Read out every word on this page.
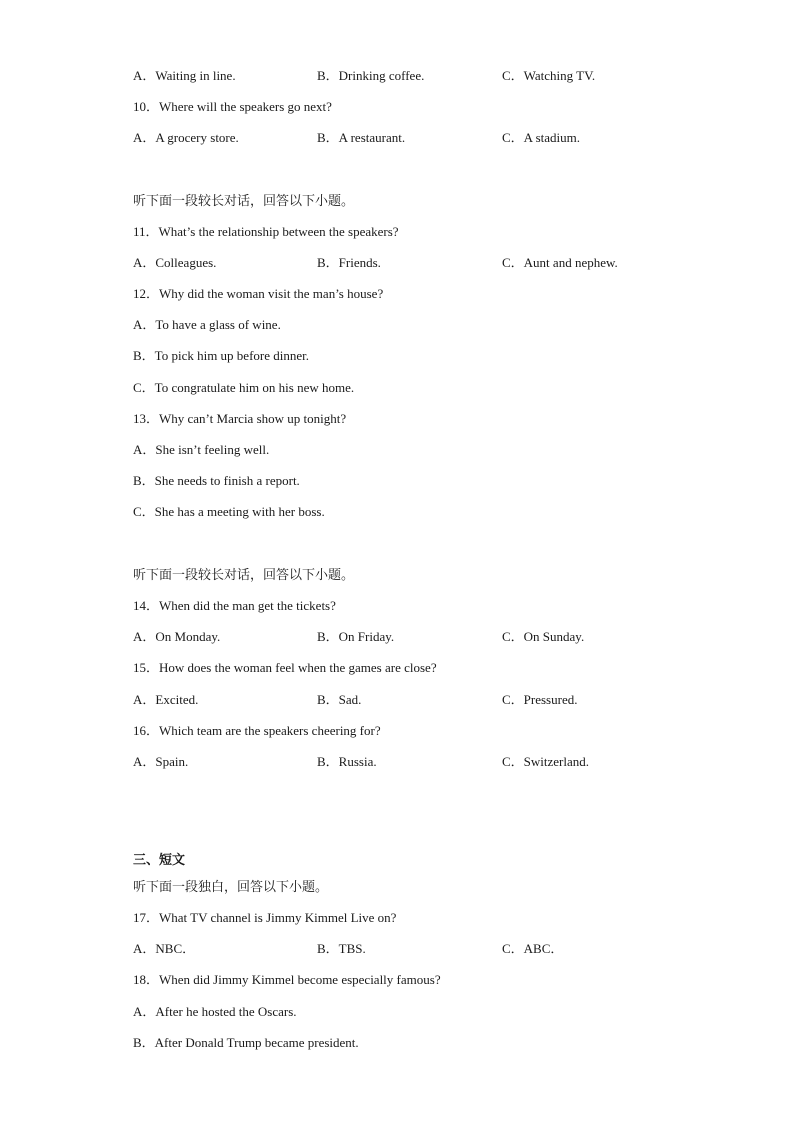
A．Waiting in line.	B．Drinking coffee.	C．Watching TV.
10．Where will the speakers go next?
A．A grocery store.	B．A restaurant.	C．A stadium.
听下面一段较长对话，回答以下小题。
11．What’s the relationship between the speakers?
A．Colleagues.	B．Friends.	C．Aunt and nephew.
12．Why did the woman visit the man’s house?
A．To have a glass of wine.
B．To pick him up before dinner.
C．To congratulate him on his new home.
13．Why can’t Marcia show up tonight?
A．She isn’t feeling well.
B．She needs to finish a report.
C．She has a meeting with her boss.
听下面一段较长对话，回答以下小题。
14．When did the man get the tickets?
A．On Monday.	B．On Friday.	C．On Sunday.
15．How does the woman feel when the games are close?
A．Excited.	B．Sad.	C．Pressured.
16．Which team are the speakers cheering for?
A．Spain.	B．Russia.	C．Switzerland.
三、短文
听下面一段独白，回答以下小题。
17．What TV channel is Jimmy Kimmel Live on?
A．NBC．	B．TBS.	C．ABC．
18．When did Jimmy Kimmel become especially famous?
A．After he hosted the Oscars.
B．After Donald Trump became president.
